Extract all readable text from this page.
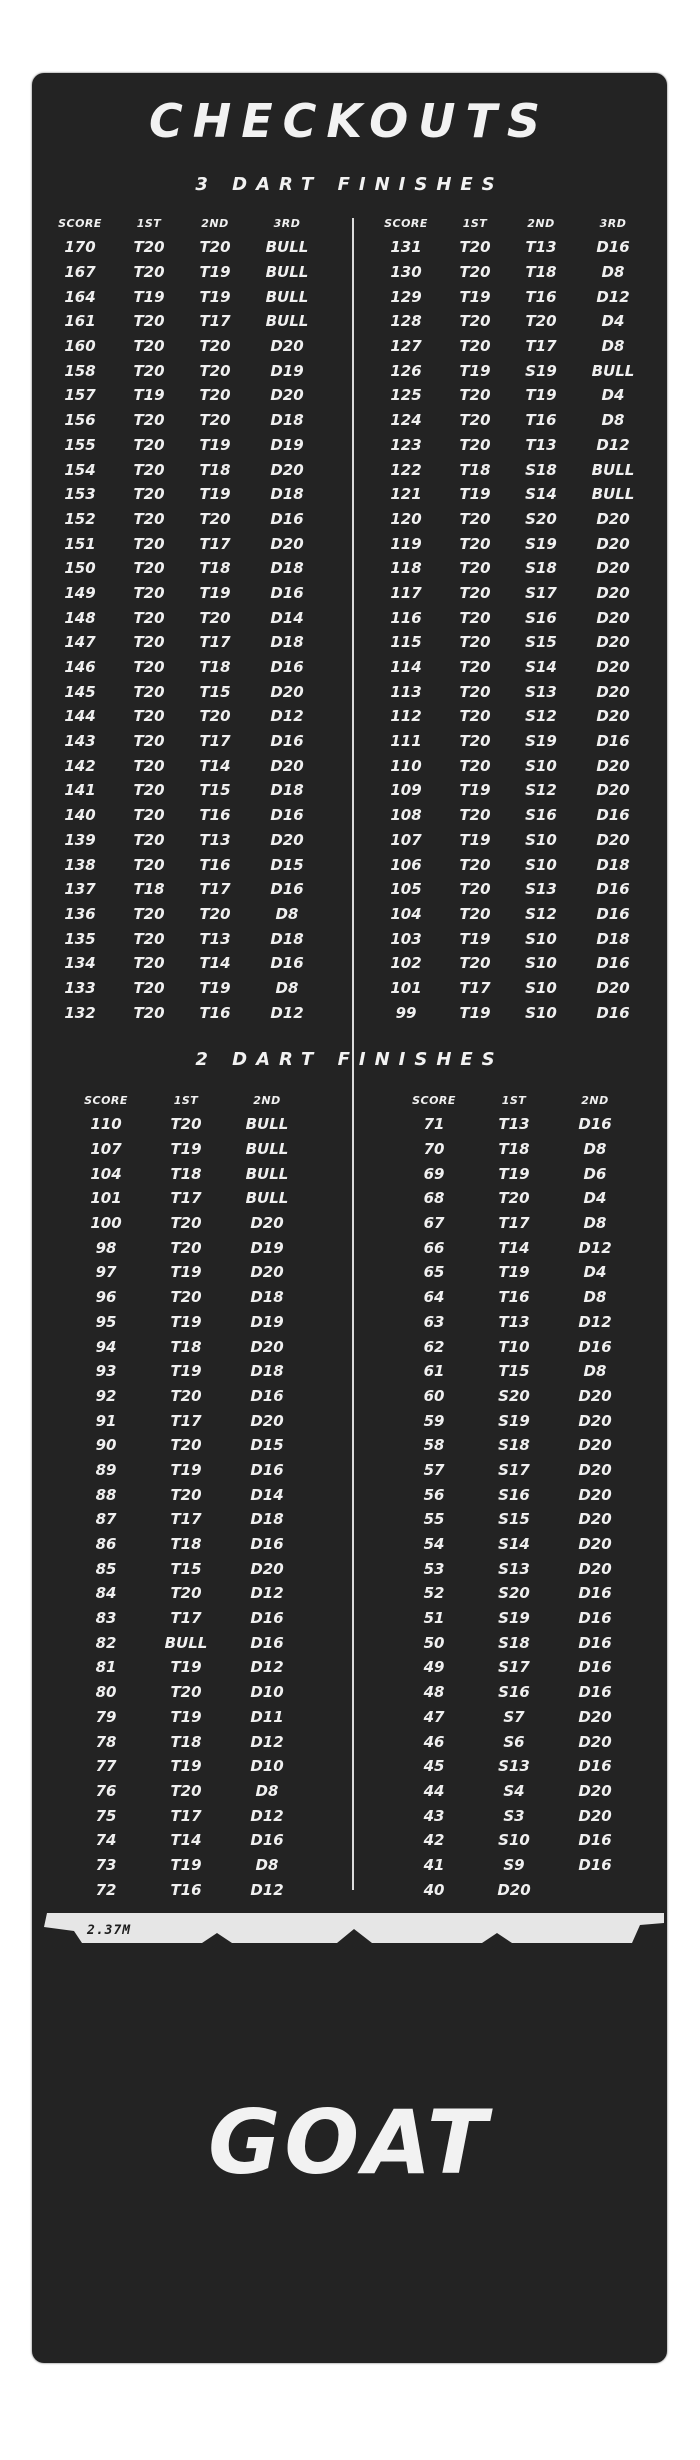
CHECKOUTS
3 DART FINISHES
SCORE	1ST	2ND	3RD
170	T20	T20	BULL
167	T20	T19	BULL
164	T19	T19	BULL
161	T20	T17	BULL
160	T20	T20	D20
158	T20	T20	D19
157	T19	T20	D20
156	T20	T20	D18
155	T20	T19	D19
154	T20	T18	D20
153	T20	T19	D18
152	T20	T20	D16
151	T20	T17	D20
150	T20	T18	D18
149	T20	T19	D16
148	T20	T20	D14
147	T20	T17	D18
146	T20	T18	D16
145	T20	T15	D20
144	T20	T20	D12
143	T20	T17	D16
142	T20	T14	D20
141	T20	T15	D18
140	T20	T16	D16
139	T20	T13	D20
138	T20	T16	D15
137	T18	T17	D16
136	T20	T20	D8
135	T20	T13	D18
134	T20	T14	D16
133	T20	T19	D8
132	T20	T16	D12
SCORE	1ST	2ND	3RD
131	T20	T13	D16
130	T20	T18	D8
129	T19	T16	D12
128	T20	T20	D4
127	T20	T17	D8
126	T19	S19	BULL
125	T20	T19	D4
124	T20	T16	D8
123	T20	T13	D12
122	T18	S18	BULL
121	T19	S14	BULL
120	T20	S20	D20
119	T20	S19	D20
118	T20	S18	D20
117	T20	S17	D20
116	T20	S16	D20
115	T20	S15	D20
114	T20	S14	D20
113	T20	S13	D20
112	T20	S12	D20
111	T20	S19	D16
110	T20	S10	D20
109	T19	S12	D20
108	T20	S16	D16
107	T19	S10	D20
106	T20	S10	D18
105	T20	S13	D16
104	T20	S12	D16
103	T19	S10	D18
102	T20	S10	D16
101	T17	S10	D20
99	T19	S10	D16
2 DART FINISHES
SCORE	1ST	2ND
110	T20	BULL
107	T19	BULL
104	T18	BULL
101	T17	BULL
100	T20	D20
98	T20	D19
97	T19	D20
96	T20	D18
95	T19	D19
94	T18	D20
93	T19	D18
92	T20	D16
91	T17	D20
90	T20	D15
89	T19	D16
88	T20	D14
87	T17	D18
86	T18	D16
85	T15	D20
84	T20	D12
83	T17	D16
82	BULL	D16
81	T19	D12
80	T20	D10
79	T19	D11
78	T18	D12
77	T19	D10
76	T20	D8
75	T17	D12
74	T14	D16
73	T19	D8
72	T16	D12
SCORE	1ST	2ND
71	T13	D16
70	T18	D8
69	T19	D6
68	T20	D4
67	T17	D8
66	T14	D12
65	T19	D4
64	T16	D8
63	T13	D12
62	T10	D16
61	T15	D8
60	S20	D20
59	S19	D20
58	S18	D20
57	S17	D20
56	S16	D20
55	S15	D20
54	S14	D20
53	S13	D20
52	S20	D16
51	S19	D16
50	S18	D16
49	S17	D16
48	S16	D16
47	S7	D20
46	S6	D20
45	S13	D16
44	S4	D20
43	S3	D20
42	S10	D16
41	S9	D16
40	D20
2.37M
GOAT
